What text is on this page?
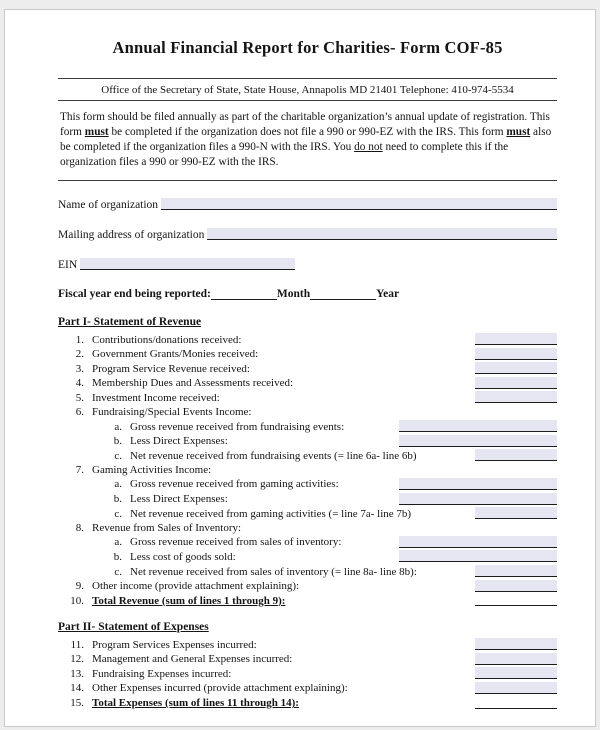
Annual Financial Report for Charities- Form COF-85
Office of the Secretary of State, State House, Annapolis MD 21401 Telephone: 410-974-5534
This form should be filed annually as part of the charitable organization’s annual update of registration. This form must be completed if the organization does not file a 990 or 990-EZ with the IRS. This form must also be completed if the organization files a 990-N with the IRS. You do not need to complete this if the organization files a 990 or 990-EZ with the IRS.
Name of organization
Mailing address of organization
EIN
Fiscal year end being reported:	Month	Year
Part I- Statement of Revenue
1. Contributions/donations received:
2. Government Grants/Monies received:
3. Program Service Revenue received:
4. Membership Dues and Assessments received:
5. Investment Income received:
6. Fundraising/Special Events Income:
a. Gross revenue received from fundraising events:
b. Less Direct Expenses:
c. Net revenue received from fundraising events (= line 6a- line 6b)
7. Gaming Activities Income:
a. Gross revenue received from gaming activities:
b. Less Direct Expenses:
c. Net revenue received from gaming activities (= line 7a- line 7b)
8. Revenue from Sales of Inventory:
a. Gross revenue received from sales of inventory:
b. Less cost of goods sold:
c. Net revenue received from sales of inventory (= line 8a- line 8b):
9. Other income (provide attachment explaining):
10. Total Revenue (sum of lines 1 through 9):
Part II- Statement of Expenses
11. Program Services Expenses incurred:
12. Management and General Expenses incurred:
13. Fundraising Expenses incurred:
14. Other Expenses incurred (provide attachment explaining):
15. Total Expenses (sum of lines 11 through 14):
